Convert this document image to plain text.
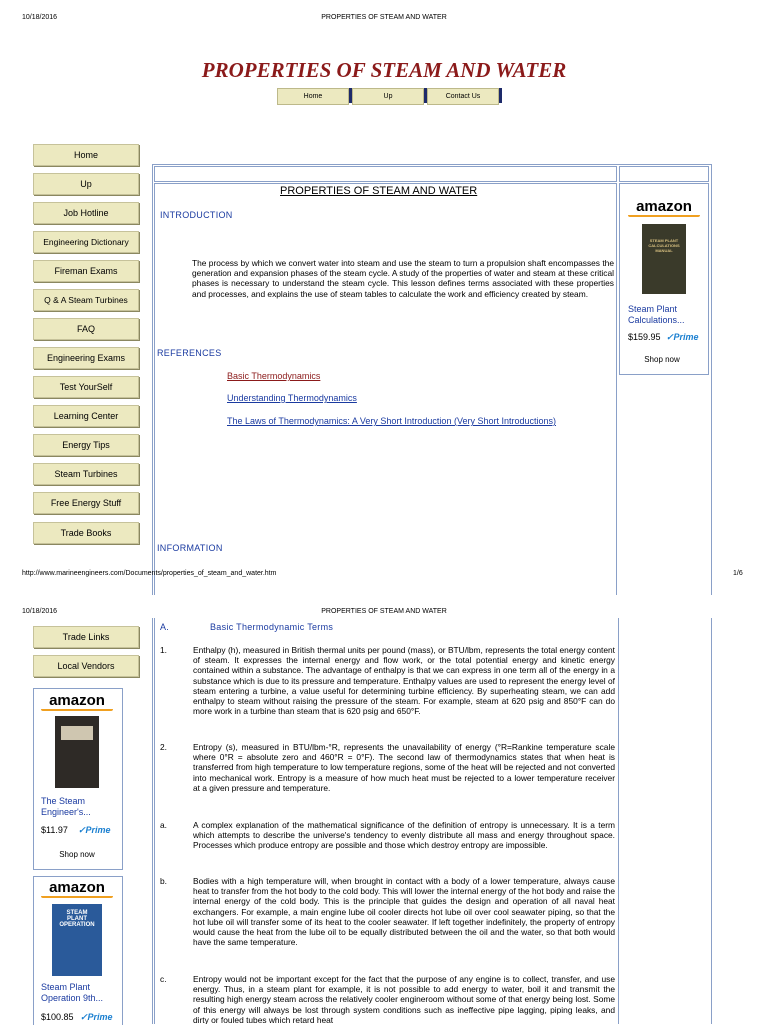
10/18/2016	PROPERTIES OF STEAM AND WATER
PROPERTIES OF STEAM AND WATER
Home	Up	Contact Us
Home
Up
Job Hotline
Engineering Dictionary
Fireman Exams
Q & A Steam Turbines
FAQ
Engineering Exams
Test YourSelf
Learning Center
Energy Tips
Steam Turbines
Free Energy Stuff
Trade Books
PROPERTIES OF STEAM AND WATER
INTRODUCTION
The process by which we convert water into steam and use the steam to turn a propulsion shaft encompasses the generation and expansion phases of the steam cycle. A study of the properties of water and steam at these critical phases is necessary to understand the steam cycle. This lesson defines terms associated with these properties and processes, and explains the use of steam tables to calculate the work and efficiency created by steam.
REFERENCES
Basic Thermodynamics
Understanding Thermodynamics
The Laws of Thermodynamics: A Very Short Introduction (Very Short Introductions)
INFORMATION
amazon
STEAM PLANT CALCULATIONS MANUAL
Steam Plant Calculations...
$159.95 ✓Prime
Shop now
http://www.marineengineers.com/Documents/properties_of_steam_and_water.htm	1/6
10/18/2016	PROPERTIES OF STEAM AND WATER
Trade Links
Local Vendors
A.	Basic Thermodynamic Terms
1.	Enthalpy (h), measured in British thermal units per pound (mass), or BTU/lbm, represents the total energy content of steam. It expresses the internal energy and flow work, or the total potential energy and kinetic energy contained within a substance. The advantage of enthalpy is that we can express in one term all of the energy in a substance which is due to its pressure and temperature. Enthalpy values are used to represent the energy level of steam entering a turbine, a value useful for determining turbine efficiency. By superheating steam, we can add enthalpy to steam without raising the pressure of the steam. For example, steam at 620 psig and 850°F can do more work in a turbine than steam that is 620 psig and 650°F.
2.	Entropy (s), measured in BTU/lbm-°R, represents the unavailability of energy (°R=Rankine temperature scale where 0°R = absolute zero and 460°R = 0°F). The second law of thermodynamics states that when heat is transferred from high temperature to low temperature regions, some of the heat will be rejected and not converted into mechanical work. Entropy is a measure of how much heat must be rejected to a lower temperature receiver at a given pressure and temperature.
a.	A complex explanation of the mathematical significance of the definition of entropy is unnecessary. It is a term which attempts to describe the universe's tendency to evenly distribute all mass and energy throughout space. Processes which produce entropy are possible and those which destroy entropy are impossible.
b.	Bodies with a high temperature will, when brought in contact with a body of a lower temperature, always cause heat to transfer from the hot body to the cold body. This will lower the internal energy of the hot body and raise the internal energy of the cold body. This is the principle that guides the design and operation of all naval heat exchangers. For example, a main engine lube oil cooler directs hot lube oil over cool seawater piping, so that the hot lube oil will transfer some of its heat to the cooler seawater. If left together indefinitely, the property of entropy would cause the heat from the lube oil to be equally distributed between the oil and the water, so that both would have the same temperature.
c.	Entropy would not be important except for the fact that the purpose of any engine is to collect, transfer, and use energy. Thus, in a steam plant for example, it is not possible to add energy to water, boil it and transmit the resulting high energy steam across the relatively cooler engineroom without some of that energy being lost. Some of this energy will always be lost through system conditions such as ineffective pipe lagging, piping leaks, and dirty or fouled tubes which retard heat
amazon
The Steam Engineer's...
$11.97 ✓Prime
Shop now
amazon
STEAM PLANT OPERATION
Steam Plant Operation 9th...
$100.85 ✓Prime
